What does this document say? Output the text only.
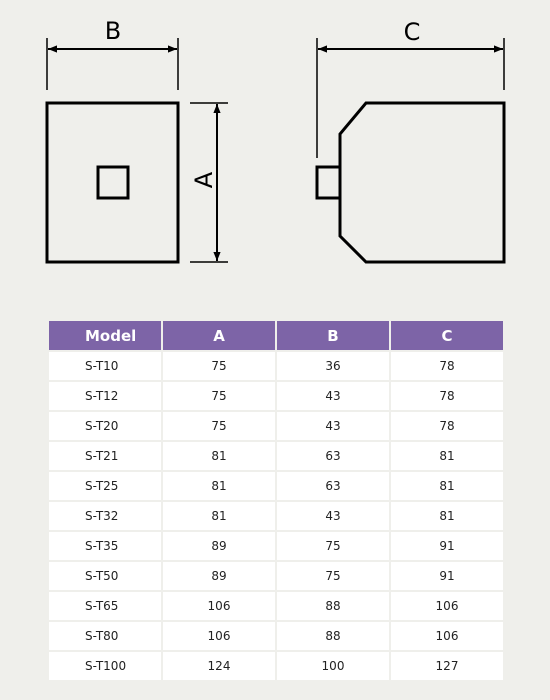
B
A
C
Model	A	B	C
S-T10	75	36	78
S-T12	75	43	78
S-T20	75	43	78
S-T21	81	63	81
S-T25	81	63	81
S-T32	81	43	81
S-T35	89	75	91
S-T50	89	75	91
S-T65	106	88	106
S-T80	106	88	106
S-T100	124	100	127
